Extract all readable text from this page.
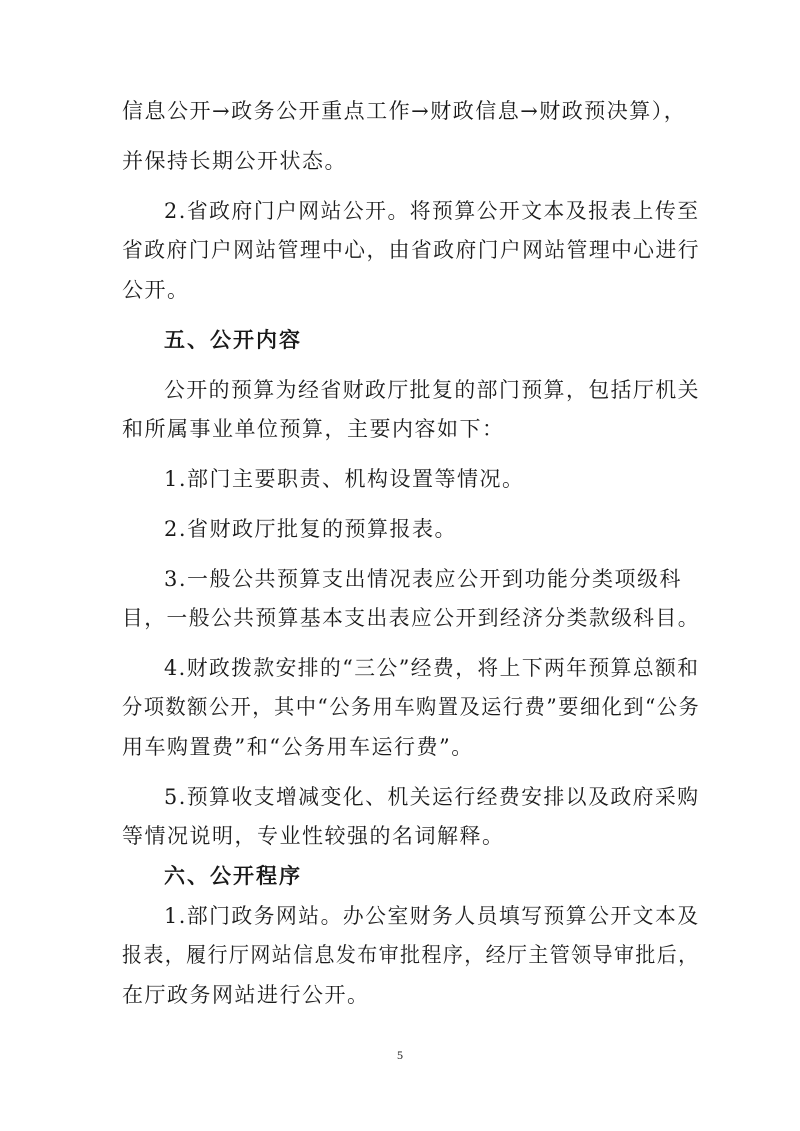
信息公开→政务公开重点工作→财政信息→财政预决算），
并保持长期公开状态。
2.省政府门户网站公开。将预算公开文本及报表上传至
省政府门户网站管理中心，由省政府门户网站管理中心进行
公开。
五、公开内容
公开的预算为经省财政厅批复的部门预算，包括厅机关
和所属事业单位预算，主要内容如下：
1.部门主要职责、机构设置等情况。
2.省财政厅批复的预算报表。
3.一般公共预算支出情况表应公开到功能分类项级科
目，一般公共预算基本支出表应公开到经济分类款级科目。
4.财政拨款安排的“三公”经费，将上下两年预算总额和
分项数额公开，其中“公务用车购置及运行费”要细化到“公务
用车购置费”和“公务用车运行费”。
5.预算收支增减变化、机关运行经费安排以及政府采购
等情况说明，专业性较强的名词解释。
六、公开程序
1.部门政务网站。办公室财务人员填写预算公开文本及
报表，履行厅网站信息发布审批程序，经厅主管领导审批后，
在厅政务网站进行公开。
5
